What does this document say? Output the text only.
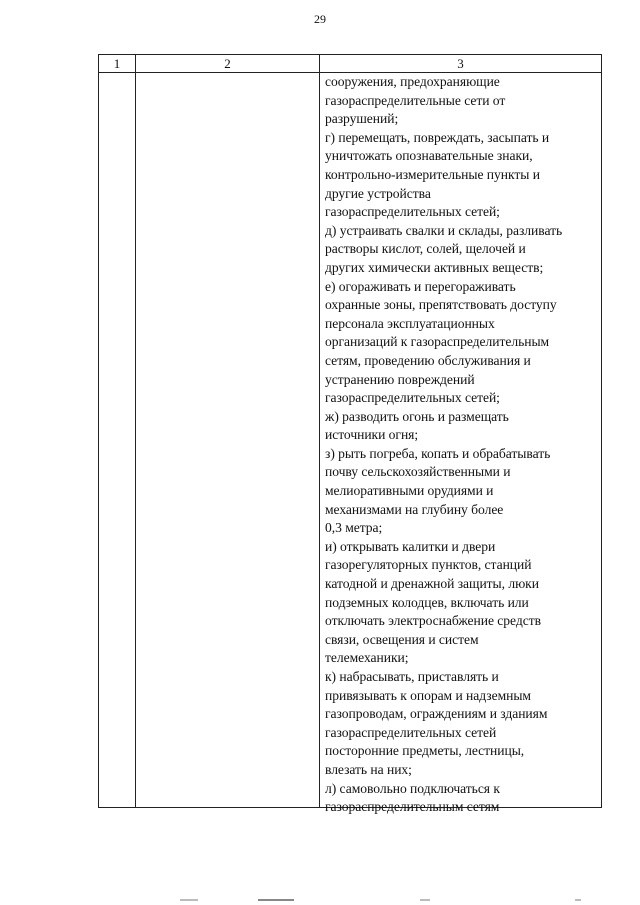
29
1	2	3
сооружения, предохраняющие
газораспределительные сети от
разрушений;
г) перемещать, повреждать, засыпать и
уничтожать опознавательные знаки,
контрольно-измерительные пункты и
другие устройства
газораспределительных сетей;
д) устраивать свалки и склады, разливать
растворы кислот, солей, щелочей и
других химически активных веществ;
е) огораживать и перегораживать
охранные зоны, препятствовать доступу
персонала эксплуатационных
организаций к газораспределительным
сетям, проведению обслуживания и
устранению повреждений
газораспределительных сетей;
ж) разводить огонь и размещать
источники огня;
з) рыть погреба, копать и обрабатывать
почву сельскохозяйственными и
мелиоративными орудиями и
механизмами на глубину более
0,3 метра;
и) открывать калитки и двери
газорегуляторных пунктов, станций
катодной и дренажной защиты, люки
подземных колодцев, включать или
отключать электроснабжение средств
связи, освещения и систем
телемеханики;
к) набрасывать, приставлять и
привязывать к опорам и надземным
газопроводам, ограждениям и зданиям
газораспределительных сетей
посторонние предметы, лестницы,
влезать на них;
л) самовольно подключаться к
газораспределительным сетям
